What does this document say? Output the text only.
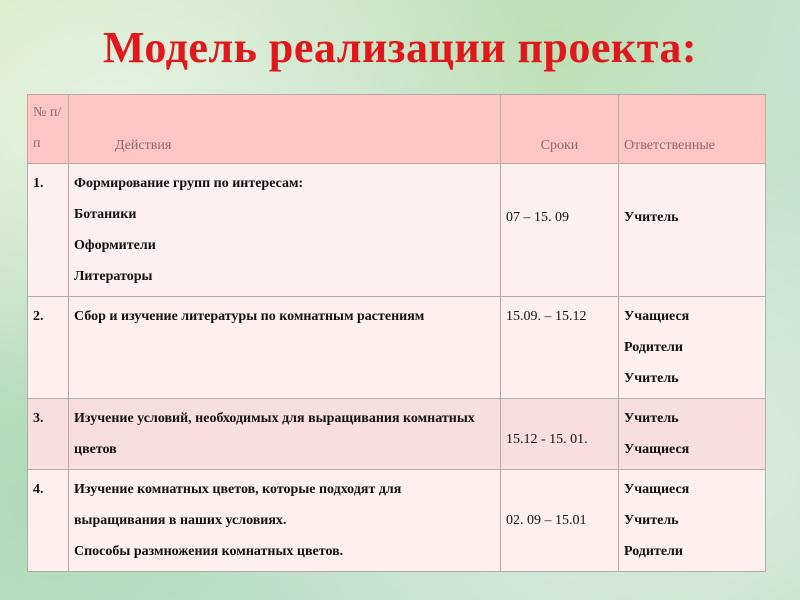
Модель реализации проекта:
№ п/п	Действия	Сроки	Ответственные
1.	Формирование групп по интересам:
Ботаники
Оформители
Литераторы	07 – 15. 09	Учитель

2.	Сбор и изучение литературы по комнатным растениям	15.09. – 15.12	Учащиеся
Родители
Учитель

3.	Изучение условий, необходимых для выращивания комнатных цветов	15.12 - 15. 01.	Учитель
Учащиеся

4.	Изучение комнатных цветов, которые подходят для выращивания в наших условиях.
Способы размножения комнатных цветов.	02. 09 – 15.01	Учащиеся
Учитель
Родители
